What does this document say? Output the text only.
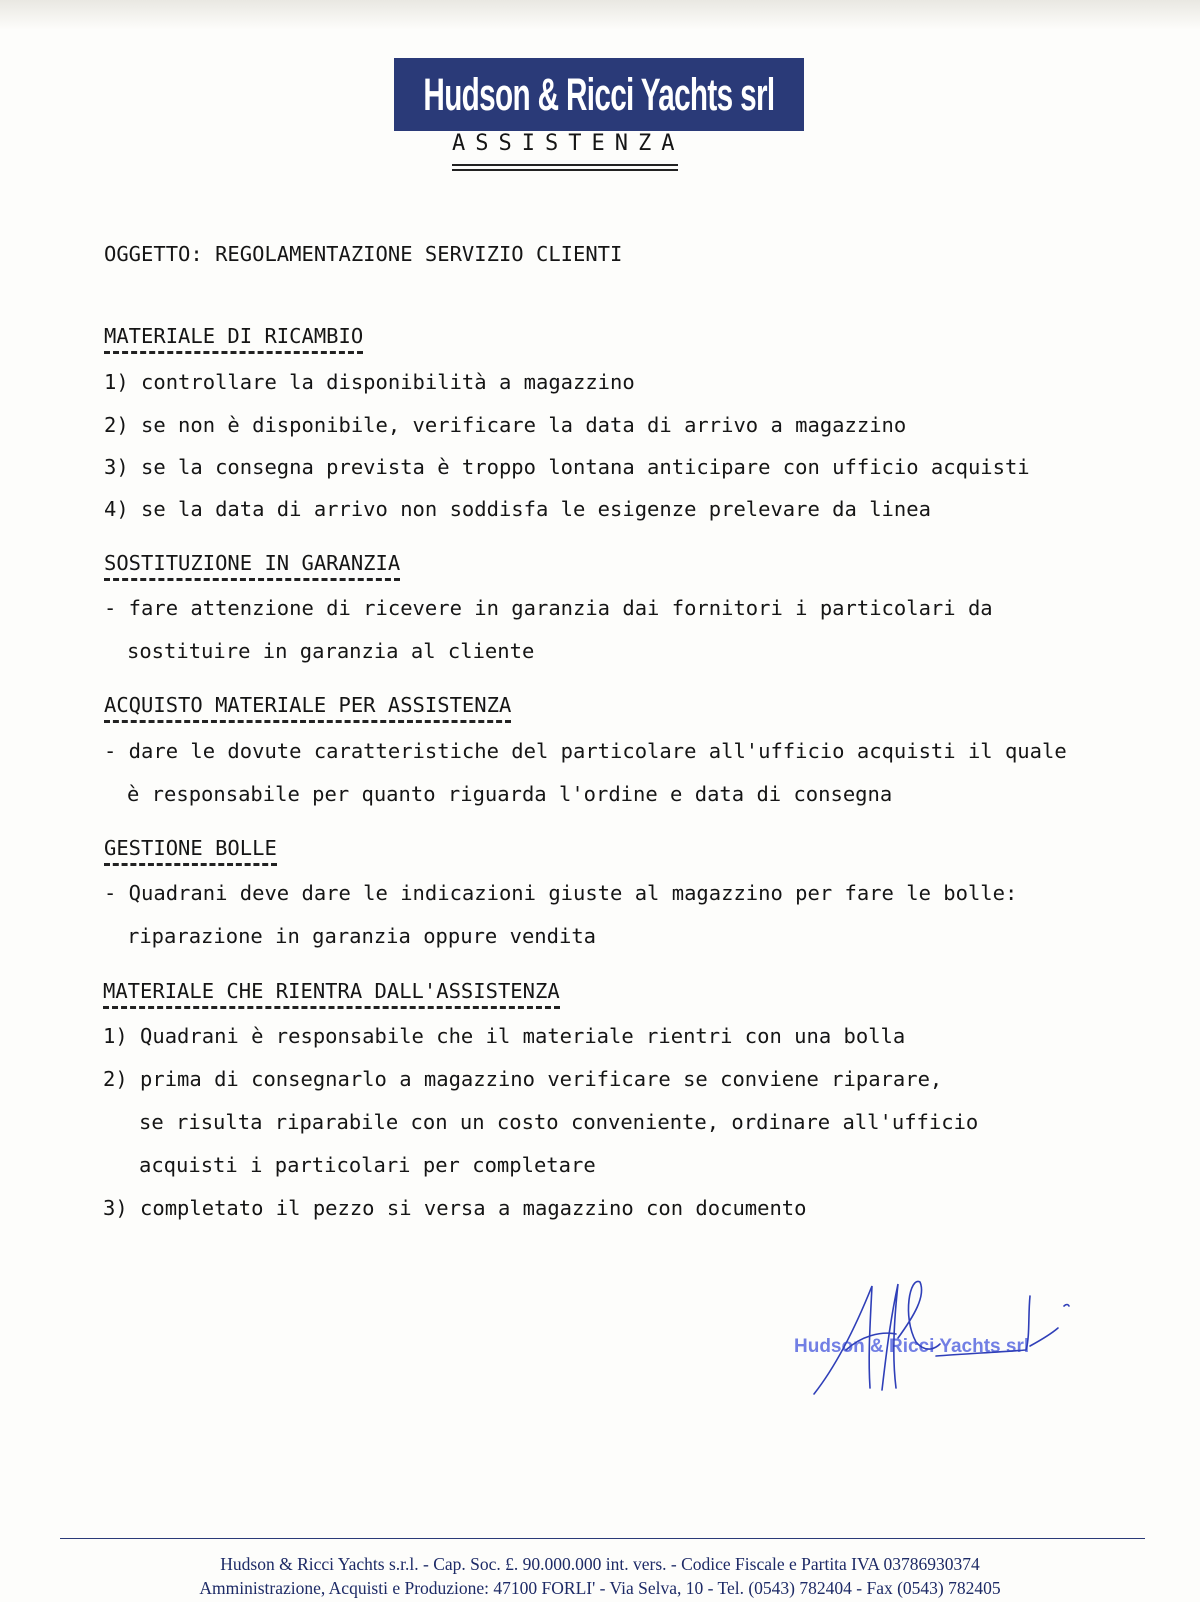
Hudson & Ricci Yachts srl
ASSISTENZA
OGGETTO: REGOLAMENTAZIONE SERVIZIO CLIENTI
MATERIALE DI RICAMBIO
1) controllare la disponibilità a magazzino
2) se non è disponibile, verificare la data di arrivo a magazzino
3) se la consegna prevista è troppo lontana anticipare con ufficio acquisti
4) se la data di arrivo non soddisfa le esigenze prelevare da linea
SOSTITUZIONE IN GARANZIA
- fare attenzione di ricevere in garanzia dai fornitori i particolari da
sostituire in garanzia al cliente
ACQUISTO MATERIALE PER ASSISTENZA
- dare le dovute caratteristiche del particolare all'ufficio acquisti il quale
è responsabile per quanto riguarda l'ordine e data di consegna
GESTIONE BOLLE
- Quadrani deve dare le indicazioni giuste al magazzino per fare le bolle:
riparazione in garanzia oppure vendita
MATERIALE CHE RIENTRA DALL'ASSISTENZA
1) Quadrani è responsabile che il materiale rientri con una bolla
2) prima di consegnarlo a magazzino verificare se conviene riparare,
se risulta riparabile con un costo conveniente, ordinare all'ufficio
acquisti i particolari per completare
3) completato il pezzo si versa a magazzino con documento
Hudson & Ricci Yachts srl
Hudson & Ricci Yachts s.r.l. - Cap. Soc. £. 90.000.000 int. vers. - Codice Fiscale e Partita IVA 03786930374
Amministrazione, Acquisti e Produzione: 47100 FORLI' - Via Selva, 10 - Tel. (0543) 782404 - Fax (0543) 782405
